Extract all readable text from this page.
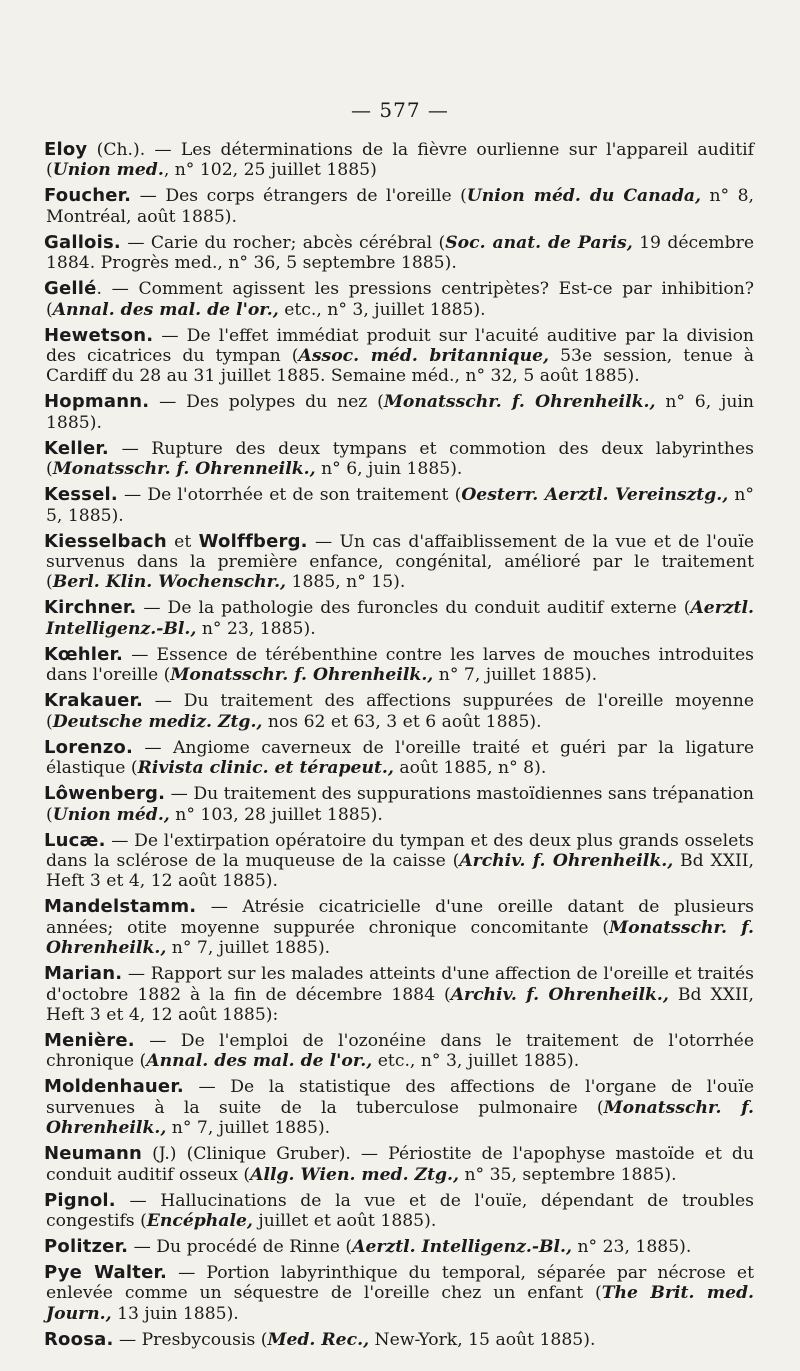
— 577 —

Eloy (Ch.). — Les déterminations de la fièvre ourlienne sur l'appareil auditif (Union med., n° 102, 25 juillet 1885)

Foucher. — Des corps étrangers de l'oreille (Union méd. du Canada, n° 8, Montréal, août 1885).

Gallois. — Carie du rocher; abcès cérébral (Soc. anat. de Paris, 19 décembre 1884. Progrès med., n° 36, 5 septembre 1885).

Gellé. — Comment agissent les pressions centripètes? Est-ce par inhibition? (Annal. des mal. de l'or., etc., n° 3, juillet 1885).

Hewetson. — De l'effet immédiat produit sur l'acuité auditive par la division des cicatrices du tympan (Assoc. méd. britannique, 53e session, tenue à Cardiff du 28 au 31 juillet 1885. Semaine méd., n° 32, 5 août 1885).

Hopmann. — Des polypes du nez (Monatsschr. f. Ohrenheilk., n° 6, juin 1885).

Keller. — Rupture des deux tympans et commotion des deux labyrinthes (Monatsschr. f. Ohrenneilk., n° 6, juin 1885).

Kessel. — De l'otorrhée et de son traitement (Oesterr. Aerztl. Vereinsztg., n° 5, 1885).

Kiesselbach et Wolffberg. — Un cas d'affaiblissement de la vue et de l'ouïe survenus dans la première enfance, congénital, amélioré par le traitement (Berl. Klin. Wochenschr., 1885, n° 15).

Kirchner. — De la pathologie des furoncles du conduit auditif externe (Aerztl. Intelligenz.-Bl., n° 23, 1885).

Kœhler. — Essence de térébenthine contre les larves de mouches introduites dans l'oreille (Monatsschr. f. Ohrenheilk., n° 7, juillet 1885).

Krakauer. — Du traitement des affections suppurées de l'oreille moyenne (Deutsche mediz. Ztg., nos 62 et 63, 3 et 6 août 1885).

Lorenzo. — Angiome caverneux de l'oreille traité et guéri par la ligature élastique (Rivista clinic. et térapeut., août 1885, n° 8).

Lôwenberg. — Du traitement des suppurations mastoïdiennes sans trépanation (Union méd., n° 103, 28 juillet 1885).

Lucæ. — De l'extirpation opératoire du tympan et des deux plus grands osselets dans la sclérose de la muqueuse de la caisse (Archiv. f. Ohrenheilk., Bd XXII, Heft 3 et 4, 12 août 1885).

Mandelstamm. — Atrésie cicatricielle d'une oreille datant de plusieurs années; otite moyenne suppurée chronique concomitante (Monatsschr. f. Ohrenheilk., n° 7, juillet 1885).

Marian. — Rapport sur les malades atteints d'une affection de l'oreille et traités d'octobre 1882 à la fin de décembre 1884 (Archiv. f. Ohrenheilk., Bd XXII, Heft 3 et 4, 12 août 1885):

Menière. — De l'emploi de l'ozonéine dans le traitement de l'otorrhée chronique (Annal. des mal. de l'or., etc., n° 3, juillet 1885).

Moldenhauer. — De la statistique des affections de l'organe de l'ouïe survenues à la suite de la tuberculose pulmonaire (Monatsschr. f. Ohrenheilk., n° 7, juillet 1885).

Neumann (J.) (Clinique Gruber). — Périostite de l'apophyse mastoïde et du conduit auditif osseux (Allg. Wien. med. Ztg., n° 35, septembre 1885).

Pignol. — Hallucinations de la vue et de l'ouïe, dépendant de troubles congestifs (Encéphale, juillet et août 1885).

Politzer. — Du procédé de Rinne (Aerztl. Intelligenz.-Bl., n° 23, 1885).

Pye Walter. — Portion labyrinthique du temporal, séparée par nécrose et enlevée comme un séquestre de l'oreille chez un enfant (The Brit. med. Journ., 13 juin 1885).

Roosa. — Presbycousis (Med. Rec., New-York, 15 août 1885).
